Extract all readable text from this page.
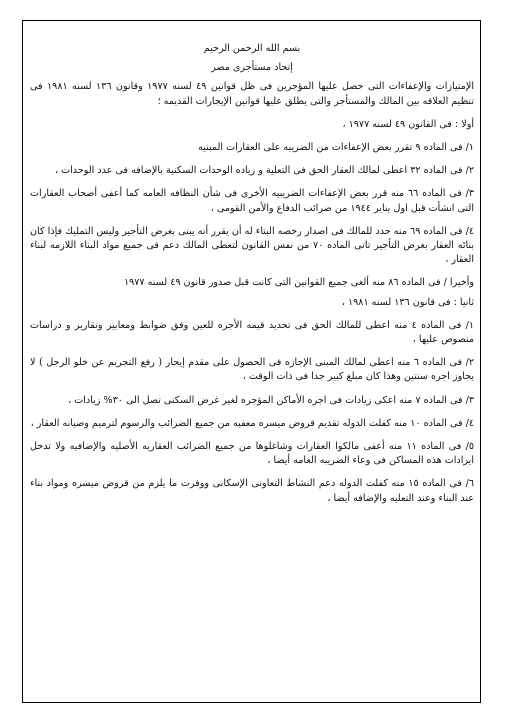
بسم الله الرحمن الرحيم

إتحاد مستأجرى مصر

الإمتيازات والإعفاءات التى حصل عليها المؤجرين فى ظل قوانين ٤٩ لسنه ١٩٧٧ وقانون ١٣٦ لسنه ١٩٨١ فى تنظيم العلاقه بين المالك والمستأجر والتى يطلق عليها قوانين الإيجارات القديمه ؛

أولا : فى القانون ٤٩ لسنه ١٩٧٧ ،

١/ فى الماده ٩ تقرر بعض الإعفاءات من الضريبه على العقارات المبنيه

٢/ فى الماده ٣٢ اعطى لمالك العقار الحق فى التعلية و زياده الوحدات السكنية بالإضافه فى عدد الوحدات ،

٣/ فى الماده ٦٦ منه قرر بعض الإعفاءات الضريبيه الأخرى فى شأن النظافه العامه كما أعفى أصحاب العقارات التى انشأت قبل اول يناير ١٩٤٤ من ضرائب الدفاع والأمن القومى ،

٤/ فى الماده ٦٩ منه حدد للمالك فى اصدار رخصه البناء له أن يقرر أنه يبنى بغرض التأجير وليس التمليك فإذا كان بنائه العقار بغرض التأجير تاتى الماده ٧٠ من نفس القانون لتعطى المالك دعم فى جميع مواد البناء اللازمه لبناء العقار ،

وأخيرا / فى الماده ٨٦ منه ألغى جميع القوانين التى كانت قبل صدور قانون ٤٩ لسنه ١٩٧٧

ثانيا : فى قانون ١٣٦ لسنه ١٩٨١ ،

١/ فى الماده ٤ منه اعطى للمالك الحق فى تحديد قيمه الأجره للعين وفق ضوابط ومعايير وتقارير و دراسات منصوص عليها ،

٢/ فى الماده ٦ منه اعطى لمالك المبنى الإجازه فى الحصول على مقدم إيجار ( رفع التجريم عن خلو الرجل ) لا يجاوز اجره سنتين وهذا كان مبلغ كبير جدا فى ذات الوقت ،

٣/ فى الماده ٧ منه اعكى زيادات فى اجره الأماكن المؤجره لغير غرض السكنى تصل الى ٣٠% زيادات ،

٤/ فى الماده ١٠ منه كفلت الدوله تقديم قروض ميسره معفيه من جميع الضرائب والرسوم لترميم وصيانه العقار ،

٥/ فى الماده ١١ منه أعفى مالكوا العقارات وشاغلوها من جميع الضرائب العقاريه الأصليه والإضافيه ولا تدخل ايرادات هذه المساكن فى وعاء الضريبه العامه أيضا ،

٦/ فى الماده ١٥ منه كفلت الدوله دعم النشاط التعاونى الإسكانى ووفرت ما يلزم من قروض ميسره ومواد بناء عند البناء وعند التعليه والإضافه أيضا ،
